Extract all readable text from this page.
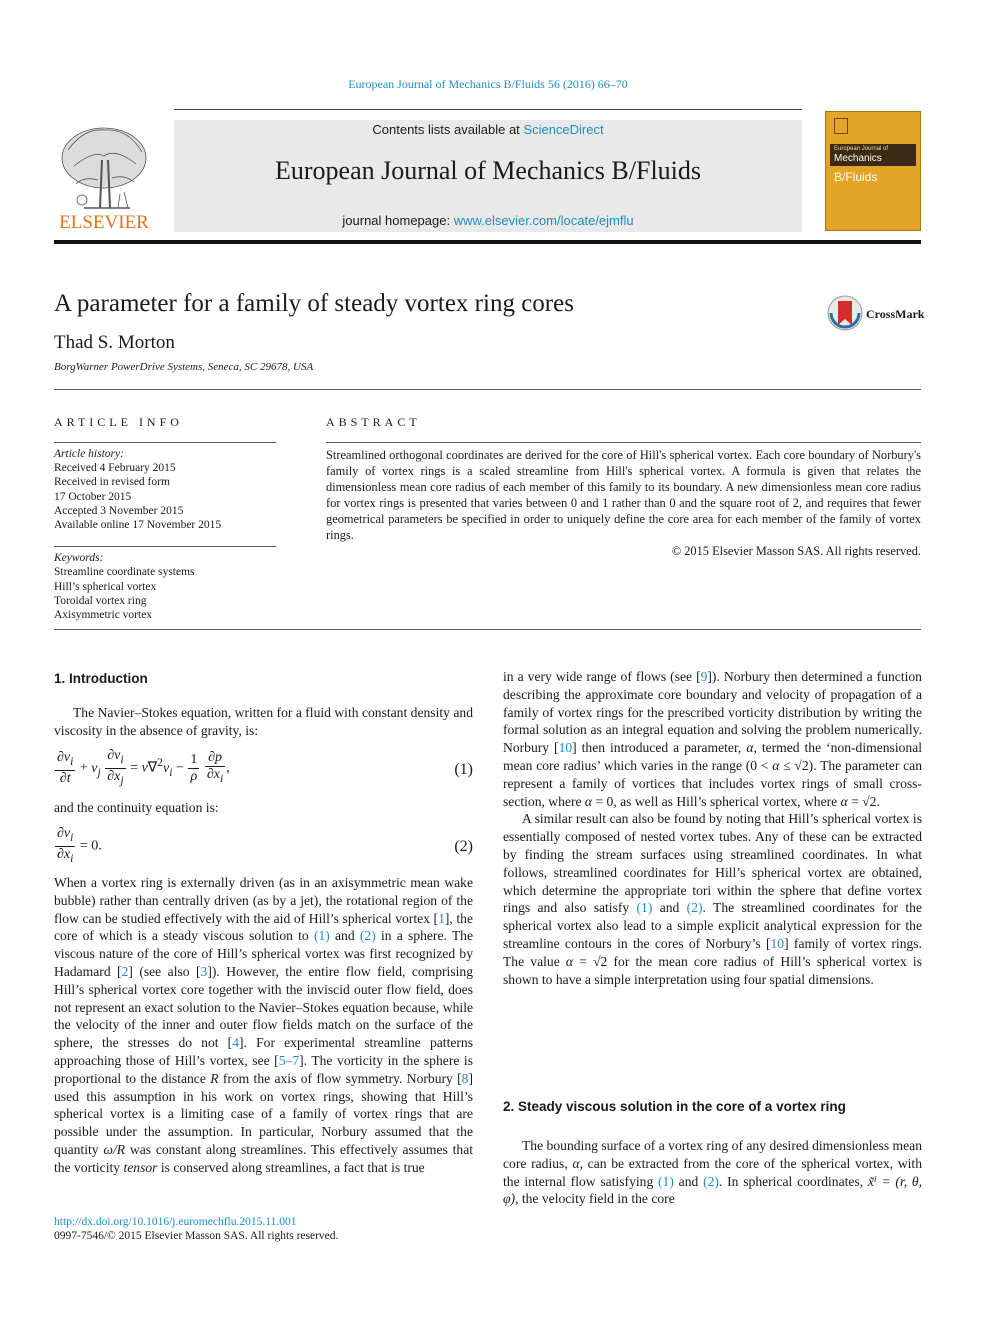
European Journal of Mechanics B/Fluids 56 (2016) 66–70
ELSEVIER
Contents lists available at ScienceDirect
European Journal of Mechanics B/Fluids
journal homepage: www.elsevier.com/locate/ejmflu
European Journal of
Mechanics
B/Fluids
A parameter for a family of steady vortex ring cores	CrossMark
Thad S. Morton
BorgWarner PowerDrive Systems, Seneca, SC 29678, USA
ARTICLE INFO
Article history:
Received 4 February 2015
Received in revised form
17 October 2015
Accepted 3 November 2015
Available online 17 November 2015
Keywords:
Streamline coordinate systems
Hill’s spherical vortex
Toroidal vortex ring
Axisymmetric vortex
ABSTRACT
Streamlined orthogonal coordinates are derived for the core of Hill's spherical vortex. Each core boundary of Norbury's family of vortex rings is a scaled streamline from Hill's spherical vortex. A formula is given that relates the dimensionless mean core radius of each member of this family to its boundary. A new dimensionless mean core radius for vortex rings is presented that varies between 0 and 1 rather than 0 and the square root of 2, and requires that fewer geometrical parameters be specified in order to uniquely define the core area for each member of the family of vortex rings.
© 2015 Elsevier Masson SAS. All rights reserved.
1. Introduction

The Navier–Stokes equation, written for a fluid with constant density and viscosity in the absence of gravity, is:

$\frac{\partial v_i}{\partial t} + v_j \frac{\partial v_i}{\partial x_j} = \nu\nabla^2v_i - \frac{1}{\rho}$
$\frac{\partial p}{\partial x_i}$ ,	(1)

and the continuity equation is:

$\frac{\partial v_i}{\partial x_i} = 0$.	(2)

When a vortex ring is externally driven (as in an axisymmetric mean wake bubble) rather than centrally driven (as by a jet), the rotational region of the flow can be studied effectively with the aid of Hill’s spherical vortex [1], the core of which is a steady viscous solution to (1) and (2) in a sphere. The viscous nature of the core of Hill’s spherical vortex was first recognized by Hadamard [2] (see also [3]). However, the entire flow field, comprising Hill’s spherical vortex core together with the inviscid outer flow field, does not represent an exact solution to the Navier–Stokes equation because, while the velocity of the inner and outer flow fields match on the surface of the sphere, the stresses do not [4]. For experimental streamline patterns approaching those of Hill’s vortex, see [5–7]. The vorticity in the sphere is proportional to the distance R from the axis of flow symmetry. Norbury [8] used this assumption in his work on vortex rings, showing that Hill’s spherical vortex is a limiting case of a family of vortex rings that are possible under the assumption. In particular, Norbury assumed that the quantity ω/R was constant along streamlines. This effectively assumes that the vorticity tensor is conserved along streamlines, a fact that is true

in a very wide range of flows (see [9]). Norbury then determined a function describing the approximate core boundary and velocity of propagation of a family of vortex rings for the prescribed vorticity distribution by writing the formal solution as an integral equation and solving the problem numerically. Norbury [10] then introduced a parameter, α, termed the ‘non-dimensional mean core radius’ which varies in the range (0 < α ≤ √2). The parameter can represent a family of vortices that includes vortex rings of small cross-section, where α = 0, as well as Hill’s spherical vortex, where α = √2.

A similar result can also be found by noting that Hill’s spherical vortex is essentially composed of nested vortex tubes. Any of these can be extracted by finding the stream surfaces using streamlined coordinates. In what follows, streamlined coordinates for Hill’s spherical vortex are obtained, which determine the appropriate tori within the sphere that define vortex rings and also satisfy (1) and (2). The streamlined coordinates for the spherical vortex also lead to a simple explicit analytical expression for the streamline contours in the cores of Norbury’s [10] family of vortex rings. The value α = √2 for the mean core radius of Hill’s spherical vortex is shown to have a simple interpretation using four spatial dimensions.

2. Steady viscous solution in the core of a vortex ring

The bounding surface of a vortex ring of any desired dimensionless mean core radius, α, can be extracted from the core of the spherical vortex, with the internal flow satisfying (1) and (2). In spherical coordinates, x̃ⁱ = (r, θ, φ), the velocity field in the core

http://dx.doi.org/10.1016/j.euromechflu.2015.11.001
0997-7546/© 2015 Elsevier Masson SAS. All rights reserved.
